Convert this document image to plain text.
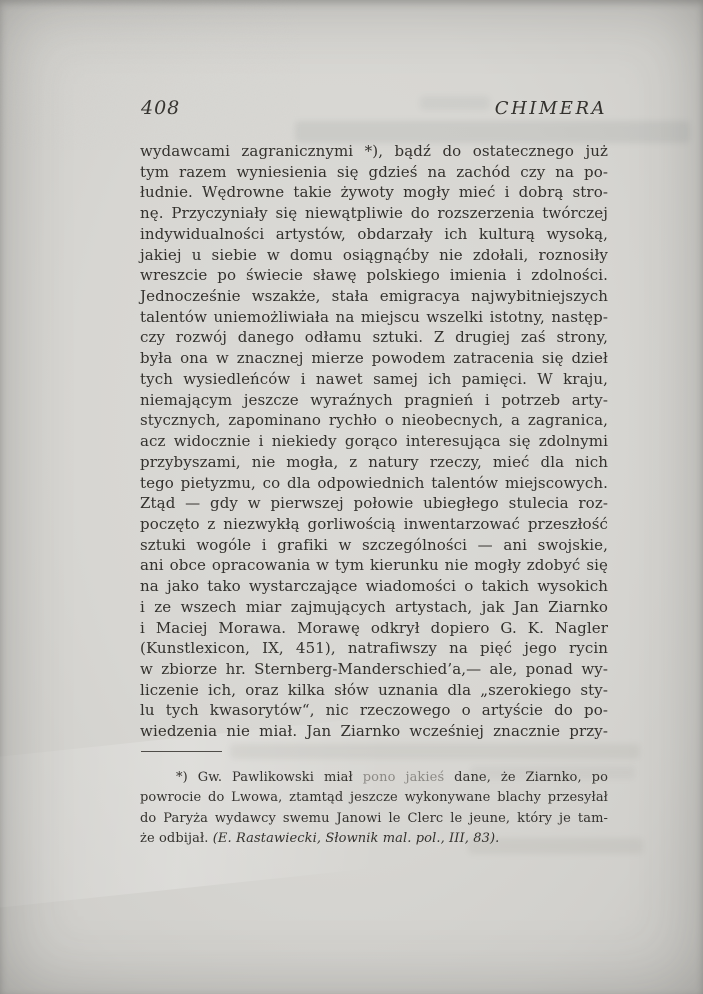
408	CHIMERA
wydawcami zagranicznymi *), bądź do ostatecznego już
tym razem wyniesienia się gdzieś na zachód czy na po-
łudnie. Wędrowne takie żywoty mogły mieć i dobrą stro-
nę. Przyczyniały się niewątpliwie do rozszerzenia twórczej
indywidualności artystów, obdarzały ich kulturą wysoką,
jakiej u siebie w domu osiągnąćby nie zdołali, roznosiły
wreszcie po świecie sławę polskiego imienia i zdolności.
Jednocześnie wszakże, stała emigracya najwybitniejszych
talentów uniemożliwiała na miejscu wszelki istotny, następ-
czy rozwój danego odłamu sztuki. Z drugiej zaś strony,
była ona w znacznej mierze powodem zatracenia się dzieł
tych wysiedleńców i nawet samej ich pamięci. W kraju,
niemającym jeszcze wyraźnych pragnień i potrzeb arty-
stycznych, zapominano rychło o nieobecnych, a zagranica,
acz widocznie i niekiedy gorąco interesująca się zdolnymi
przybyszami, nie mogła, z natury rzeczy, mieć dla nich
tego pietyzmu, co dla odpowiednich talentów miejscowych.
Ztąd — gdy w pierwszej połowie ubiegłego stulecia roz-
poczęto z niezwykłą gorliwością inwentarzować przeszłość
sztuki wogóle i grafiki w szczególności — ani swojskie,
ani obce opracowania w tym kierunku nie mogły zdobyć się
na jako tako wystarczające wiadomości o takich wysokich
i ze wszech miar zajmujących artystach, jak Jan Ziarnko
i Maciej Morawa. Morawę odkrył dopiero G. K. Nagler
(Kunstlexicon, IX, 451), natrafiwszy na pięć jego rycin
w zbiorze hr. Sternberg-Manderschied’a,— ale, ponad wy-
liczenie ich, oraz kilka słów uznania dla „szerokiego sty-
lu tych kwasorytów“, nic rzeczowego o artyście do po-
wiedzenia nie miał. Jan Ziarnko wcześniej znacznie przy-
*) Gw. Pawlikowski miał pono jakieś dane, że Ziarnko, po
powrocie do Lwowa, ztamtąd jeszcze wykonywane blachy przesyłał
do Paryża wydawcy swemu Janowi le Clerc le jeune, który je tam-
że odbijał. (E. Rastawiecki, Słownik mal. pol., III, 83).
